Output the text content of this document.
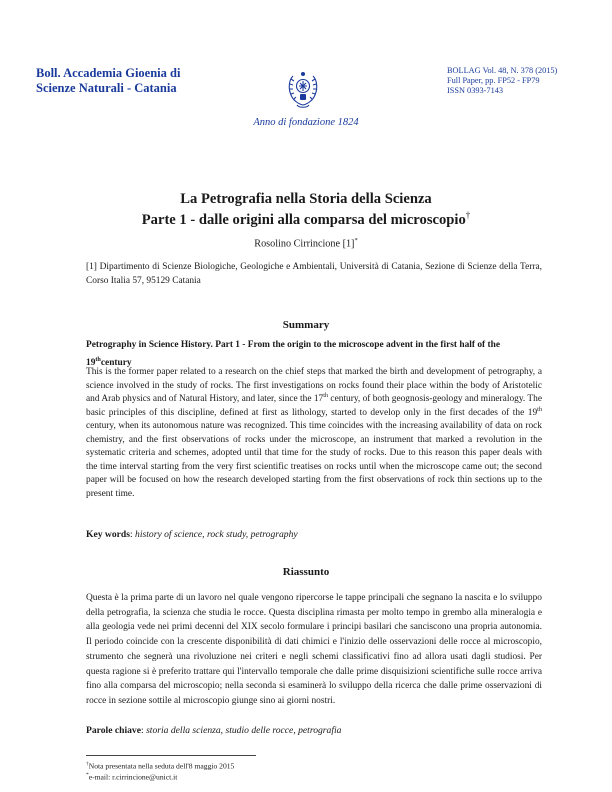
Boll. Accademia Gioenia di
Scienze Naturali - Catania
BOLLAG Vol. 48, N. 378 (2015)
Full Paper, pp. FP52 - FP79
ISSN 0393-7143
Anno di fondazione 1824
La Petrografia nella Storia della Scienza
Parte 1 - dalle origini alla comparsa del microscopio†
Rosolino Cirrincione [1]*
[1] Dipartimento di Scienze Biologiche, Geologiche e Ambientali, Università di Catania, Sezione di Scienze della Terra, Corso Italia 57, 95129 Catania
Summary
Petrography in Science History. Part 1 - From the origin to the microscope advent in the first half of the 19thcentury
This is the former paper related to a research on the chief steps that marked the birth and development of petrography, a science involved in the study of rocks. The first investigations on rocks found their place within the body of Aristotelic and Arab physics and of Natural History, and later, since the 17th century, of both geognosis-geology and mineralogy. The basic principles of this discipline, defined at first as lithology, started to develop only in the first decades of the 19th century, when its autonomous nature was recognized. This time coincides with the increasing availability of data on rock chemistry, and the first observations of rocks under the microscope, an instrument that marked a revolution in the systematic criteria and schemes, adopted until that time for the study of rocks. Due to this reason this paper deals with the time interval starting from the very first scientific treatises on rocks until when the microscope came out; the second paper will be focused on how the research developed starting from the first observations of rock thin sections up to the present time.
Key words: history of science, rock study, petrography
Riassunto
Questa è la prima parte di un lavoro nel quale vengono ripercorse le tappe principali che segnano la nascita e lo sviluppo della petrografia, la scienza che studia le rocce. Questa disciplina rimasta per molto tempo in grembo alla mineralogia e alla geologia vede nei primi decenni del XIX secolo formulare i principi basilari che sanciscono una propria autonomia. Il periodo coincide con la crescente disponibilità di dati chimici e l'inizio delle osservazioni delle rocce al microscopio, strumento che segnerà una rivoluzione nei criteri e negli schemi classificativi fino ad allora usati dagli studiosi. Per questa ragione si è preferito trattare qui l'intervallo temporale che dalle prime disquisizioni scientifiche sulle rocce arriva fino alla comparsa del microscopio; nella seconda si esaminerà lo sviluppo della ricerca che dalle prime osservazioni di rocce in sezione sottile al microscopio giunge sino ai giorni nostri.
Parole chiave: storia della scienza, studio delle rocce, petrografia
†Nota presentata nella seduta dell'8 maggio 2015
*e-mail: r.cirrincione@unict.it
